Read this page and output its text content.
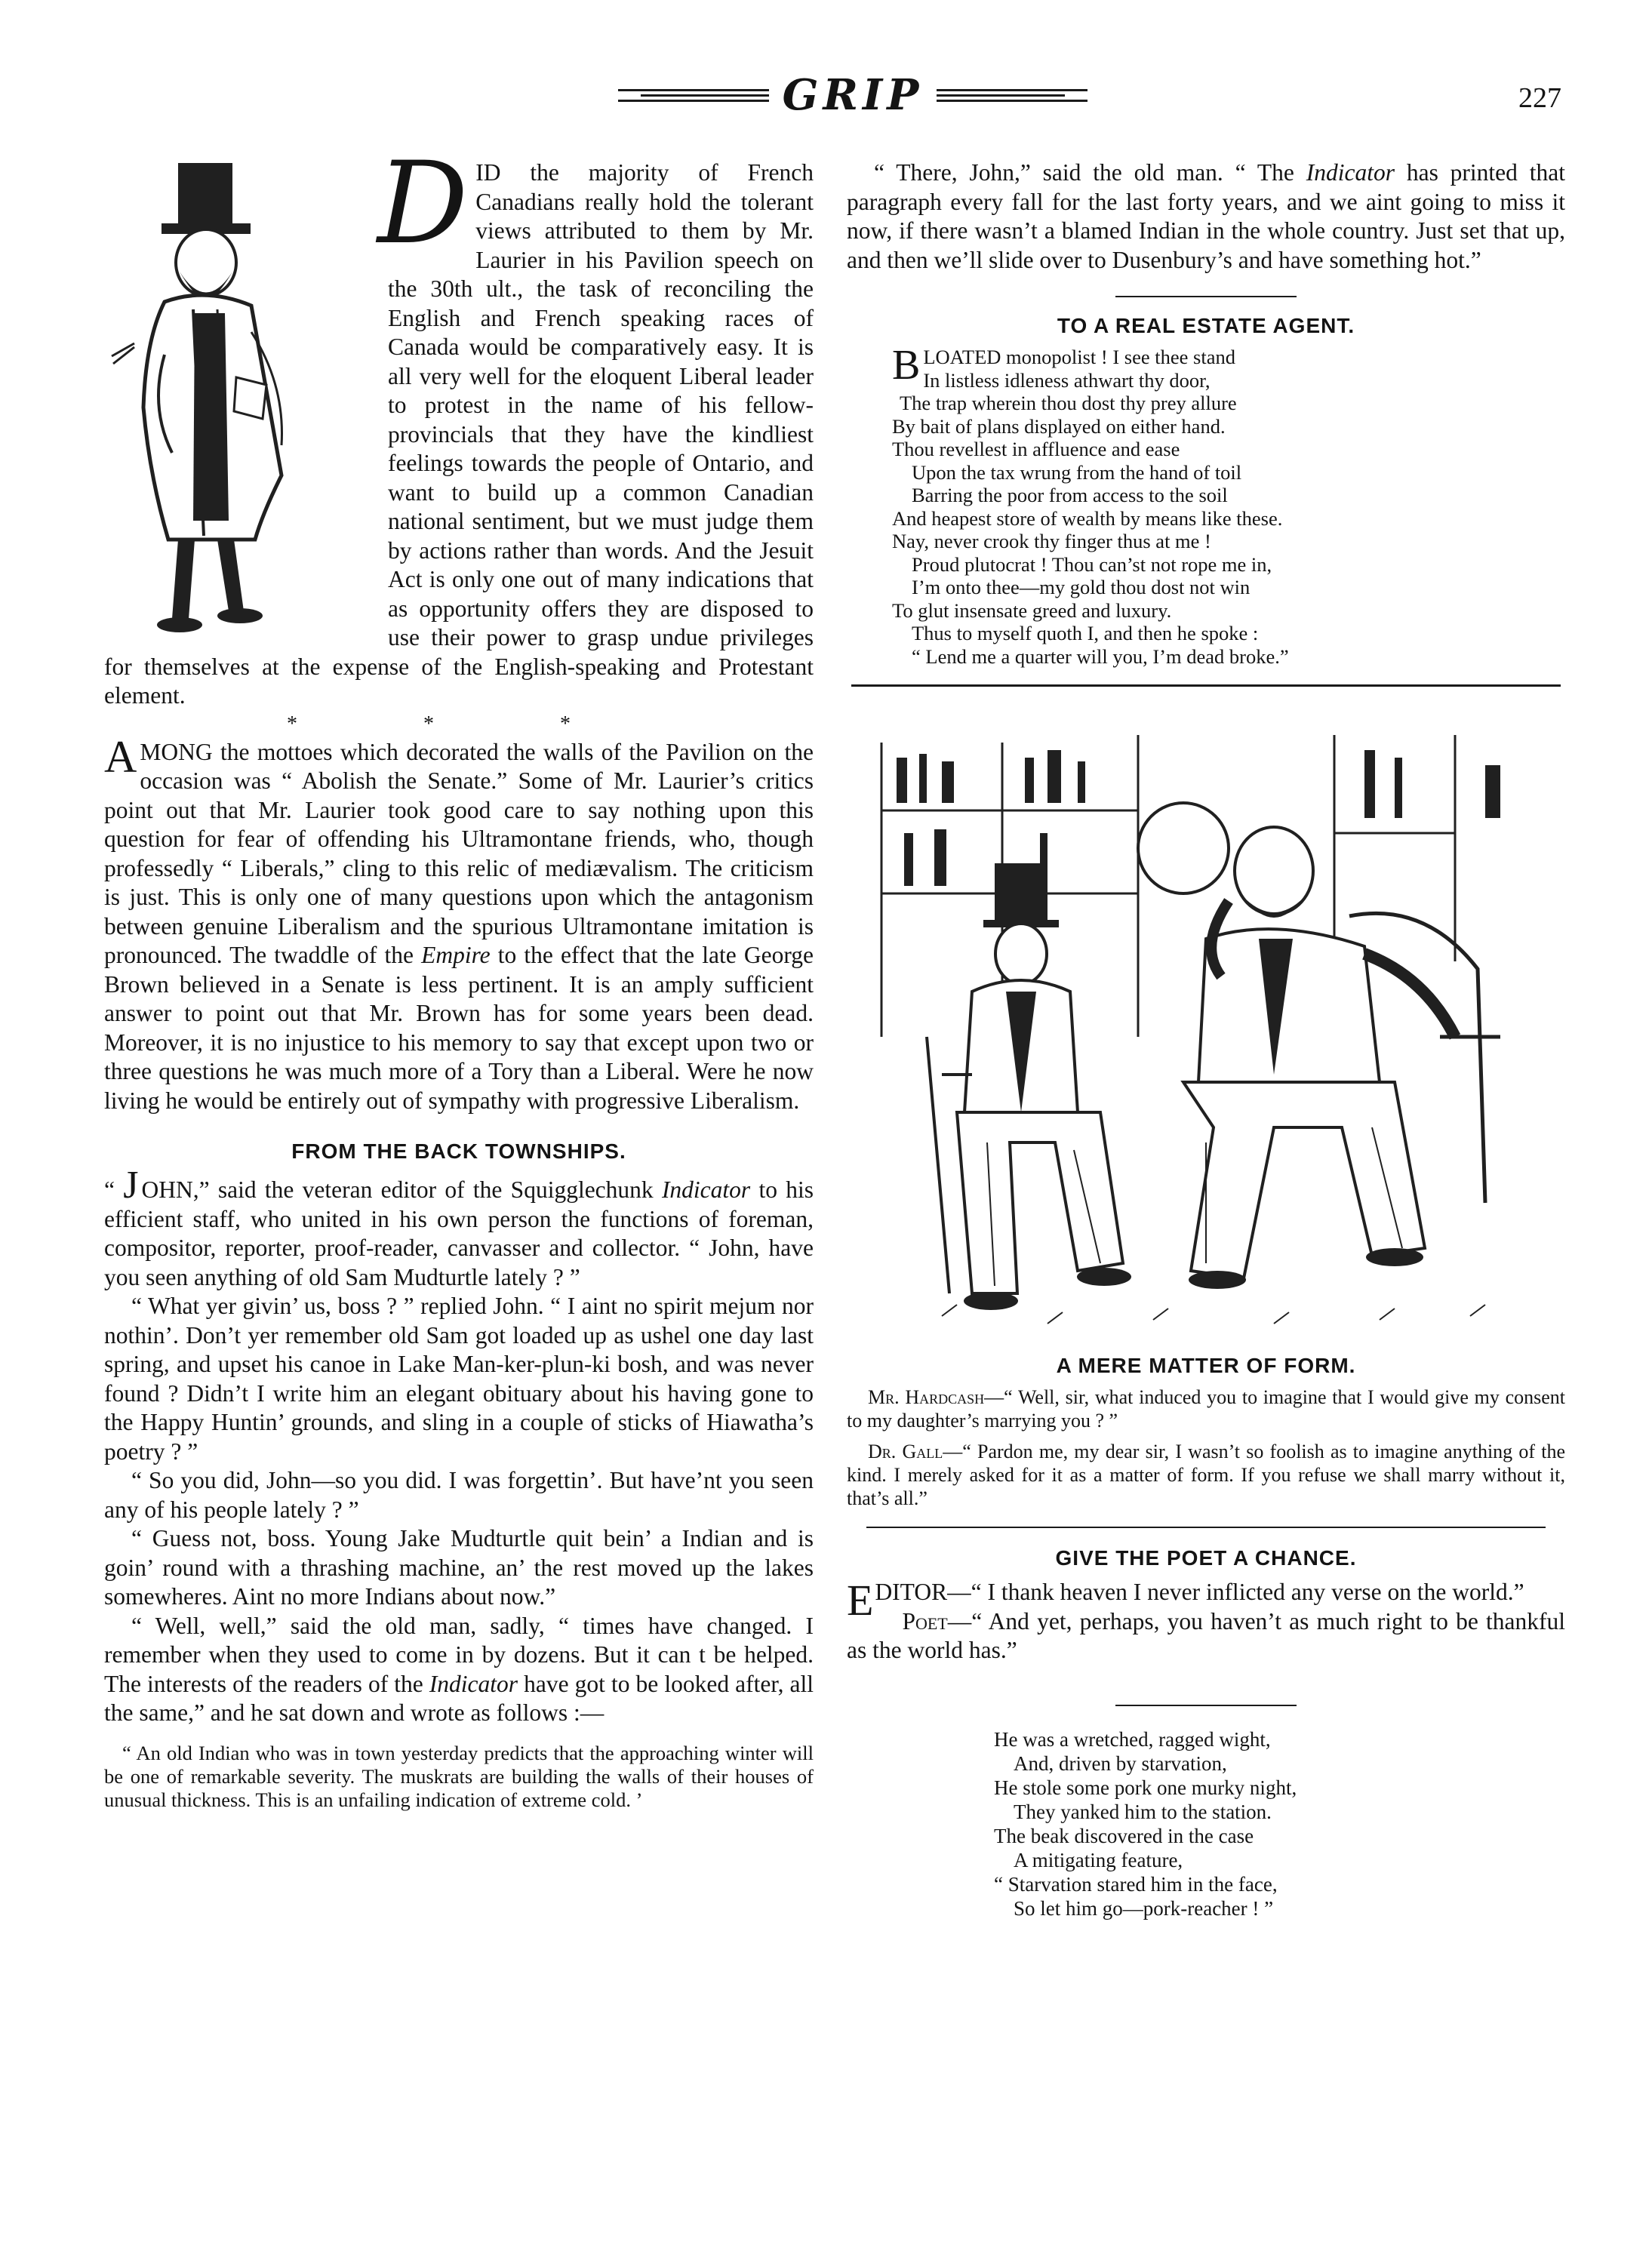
GRIP	227

DID the majority of French Canadians really hold the tolerant views attributed to them by Mr. Laurier in his Pavilion speech on the 30th ult., the task of reconciling the English and French speaking races of Canada would be comparatively easy. It is all very well for the eloquent Liberal leader to protest in the name of his fellow-provincials that they have the kindliest feelings towards the people of Ontario, and want to build up a common Canadian national sentiment, but we must judge them by actions rather than words. And the Jesuit Act is only one out of many indications that as opportunity offers they are disposed to use their power to grasp undue privileges for themselves at the expense of the English-speaking and Protestant element.

* * *

AMONG the mottoes which decorated the walls of the Pavilion on the occasion was “ Abolish the Senate.” Some of Mr. Laurier’s critics point out that Mr. Laurier took good care to say nothing upon this question for fear of offending his Ultramontane friends, who, though professedly “ Liberals,” cling to this relic of mediævalism. The criticism is just. This is only one of many questions upon which the antagonism between genuine Liberalism and the spurious Ultramontane imitation is pronounced. The twaddle of the Empire to the effect that the late George Brown believed in a Senate is less pertinent. It is an amply sufficient answer to point out that Mr. Brown has for some years been dead. Moreover, it is no injustice to his memory to say that except upon two or three questions he was much more of a Tory than a Liberal. Were he now living he would be entirely out of sympathy with progressive Liberalism.

FROM THE BACK TOWNSHIPS.

“ J OHN,” said the veteran editor of the Squigglechunk Indicator to his efficient staff, who united in his own person the functions of foreman, compositor, reporter, proof-reader, canvasser and collector. “ John, have you seen anything of old Sam Mudturtle lately ? ”

“ What yer givin’ us, boss ? ” replied John. “ I aint no spirit mejum nor nothin’. Don’t yer remember old Sam got loaded up as ushel one day last spring, and upset his canoe in Lake Man-ker-plun-ki bosh, and was never found ? Didn’t I write him an elegant obituary about his having gone to the Happy Huntin’ grounds, and sling in a couple of sticks of Hiawatha’s poetry ? ”

“ So you did, John—so you did. I was forgettin’. But have’nt you seen any of his people lately ? ”

“ Guess not, boss. Young Jake Mudturtle quit bein’ a Indian and is goin’ round with a thrashing machine, an’ the rest moved up the lakes somewheres. Aint no more Indians about now.”

“ Well, well,” said the old man, sadly, “ times have changed. I remember when they used to come in by dozens. But it can t be helped. The interests of the readers of the Indicator have got to be looked after, all the same,” and he sat down and wrote as follows :—

“ An old Indian who was in town yesterday predicts that the approaching winter will be one of remarkable severity. The muskrats are building the walls of their houses of unusual thickness. This is an unfailing indication of extreme cold. ’

“ There, John,” said the old man. “ The Indicator has printed that paragraph every fall for the last forty years, and we aint going to miss it now, if there wasn’t a blamed Indian in the whole country. Just set that up, and then we’ll slide over to Dusenbury’s and have something hot.”

TO A REAL ESTATE AGENT.
BLOATED monopolist ! I see thee stand
In listless idleness athwart thy door,
The trap wherein thou dost thy prey allure
By bait of plans displayed on either hand.
Thou revellest in affluence and ease
Upon the tax wrung from the hand of toil
Barring the poor from access to the soil
And heapest store of wealth by means like these.
Nay, never crook thy finger thus at me !
Proud plutocrat ! Thou can’st not rope me in,
I’m onto thee—my gold thou dost not win
To glut insensate greed and luxury.
Thus to myself quoth I, and then he spoke :
“ Lend me a quarter will you, I’m dead broke.”
A MERE MATTER OF FORM.

Mr. Hardcash—“ Well, sir, what induced you to imagine that I would give my consent to my daughter’s marrying you ? ”

Dr. Gall—“ Pardon me, my dear sir, I wasn’t so foolish as to imagine anything of the kind. I merely asked for it as a matter of form. If you refuse we shall marry without it, that’s all.”

GIVE THE POET A CHANCE.

EDITOR—“ I thank heaven I never inflicted any verse on the world.”

Poet—“ And yet, perhaps, you haven’t as much right to be thankful as the world has.”

He was a wretched, ragged wight,
And, driven by starvation,
He stole some pork one murky night,
They yanked him to the station.
The beak discovered in the case
A mitigating feature,
“ Starvation stared him in the face,
So let him go—pork-reacher ! ”
